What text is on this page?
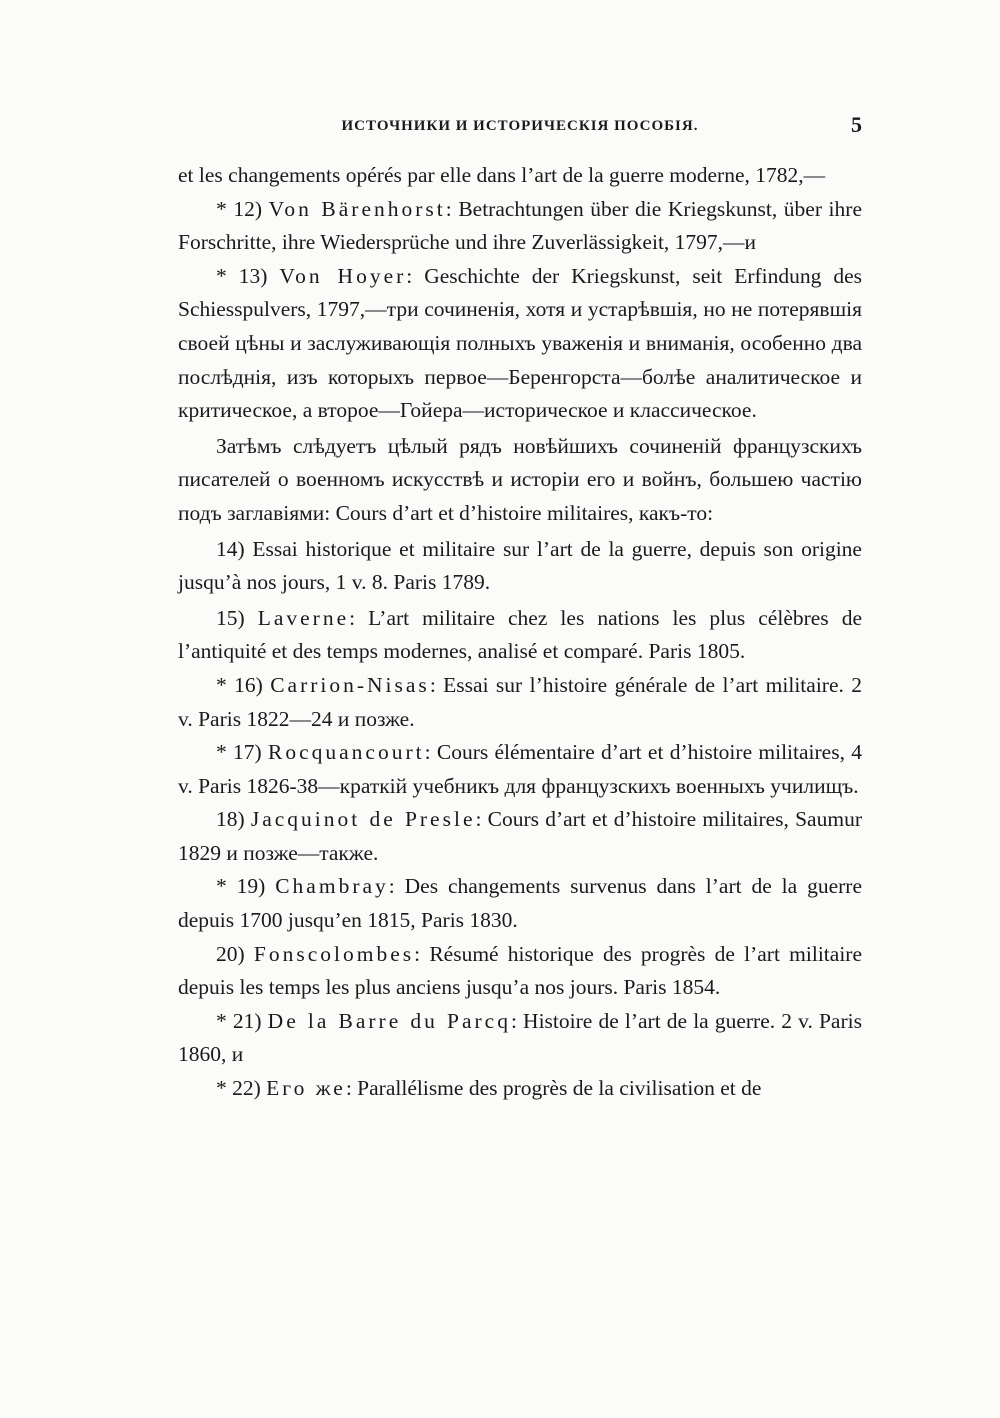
ИСТОЧНИКИ И ИСТОРИЧЕСКІЯ ПОСОБІЯ.	5

et les changements opérés par elle dans l’art de la guerre moderne, 1782,—

* 12) Von Bärenhorst: Betrachtungen über die Kriegskunst, über ihre Forschritte, ihre Wiedersprüche und ihre Zuverlässigkeit, 1797,—и

* 13) Von Hoyer: Geschichte der Kriegskunst, seit Erfindung des Schiesspulvers, 1797,—три сочиненія, хотя и устарѣвшія, но не потерявшія своей цѣны и заслуживающія полныхъ уваженія и вниманія, особенно два послѣднія, изъ которыхъ первое—Беренгорста—болѣе аналитическое и критическое, а второе—Гойера—историческое и классическое.

Затѣмъ слѣдуетъ цѣлый рядъ новѣйшихъ сочиненій французскихъ писателей о военномъ искусствѣ и исторіи его и войнъ, большею частію подъ заглавіями: Cours d’art et d’histoire militaires, какъ-то:

14) Essai historique et militaire sur l’art de la guerre, depuis son origine jusqu’à nos jours, 1 v. 8. Paris 1789.

15) Laverne: L’art militaire chez les nations les plus célèbres de l’antiquité et des temps modernes, analisé et comparé. Paris 1805.

* 16) Carrion-Nisas: Essai sur l’histoire générale de l’art militaire. 2 v. Paris 1822—24 и позже.

* 17) Rocquancourt: Cours élémentaire d’art et d’histoire militaires, 4 v. Paris 1826-38—краткій учебникъ для французскихъ военныхъ училищъ.

18) Jacquinot de Presle: Cours d’art et d’histoire militaires, Saumur 1829 и позже—также.

* 19) Chambray: Des changements survenus dans l’art de la guerre depuis 1700 jusqu’en 1815, Paris 1830.

20) Fonscolombes: Résumé historique des progrès de l’art militaire depuis les temps les plus anciens jusqu’a nos jours. Paris 1854.

* 21) De la Barre du Parcq: Histoire de l’art de la guerre. 2 v. Paris 1860, и

* 22) Его же: Parallélisme des progrès de la civilisation et de
